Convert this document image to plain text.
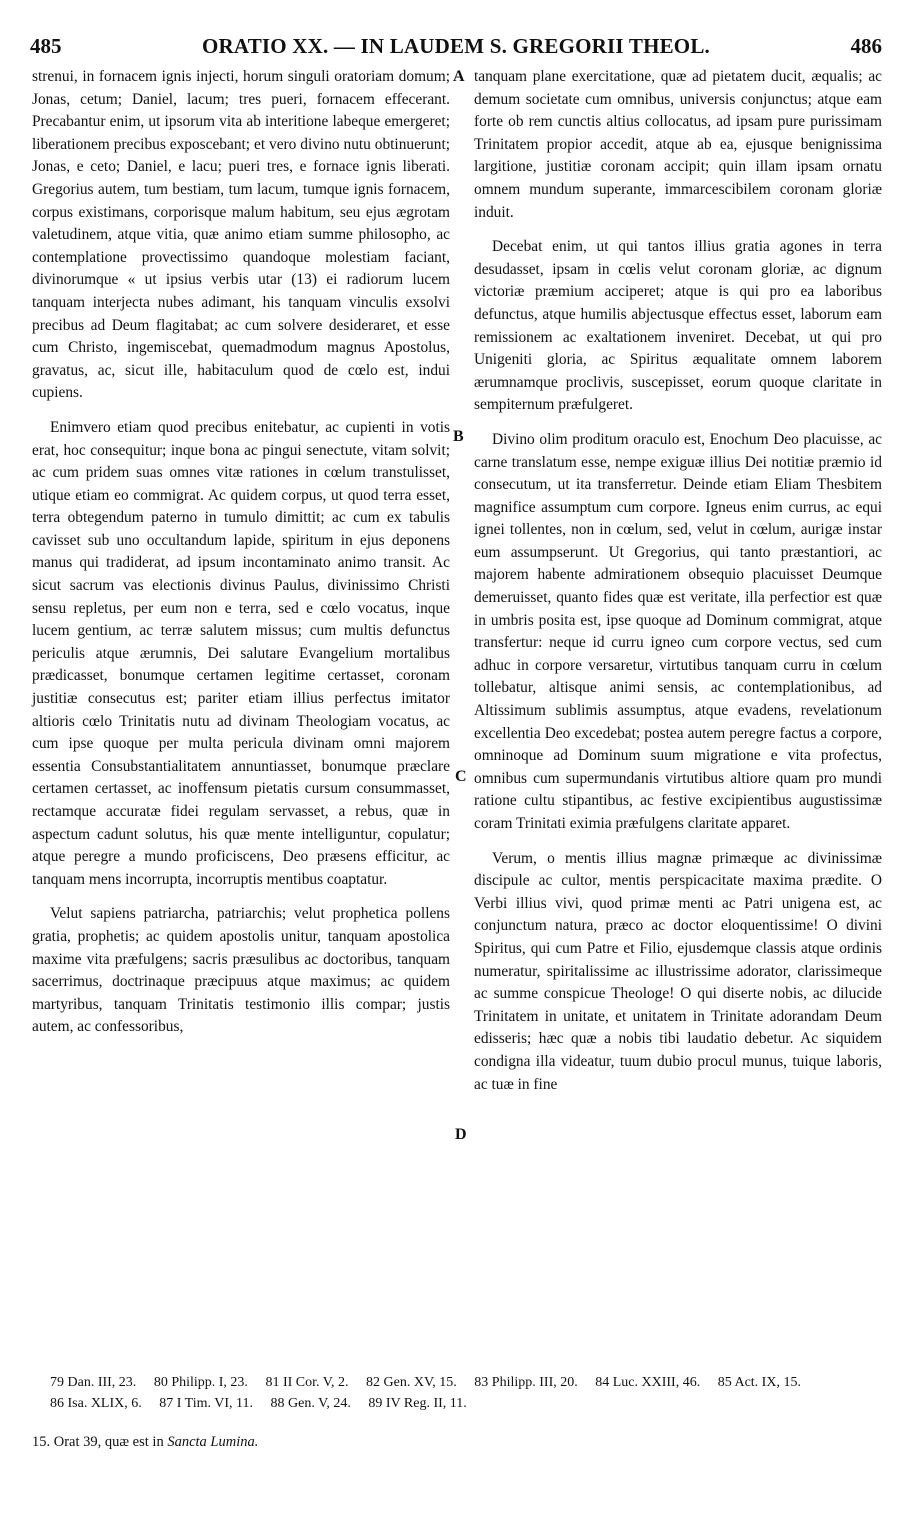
485	ORATIO XX. — IN LAUDEM S. GREGORII THEOL.	486

strenui, in fornacem ignis injecti, horum singuli oratoriam domum; Jonas, cetum; Daniel, lacum; tres pueri, fornacem effecerant. Precabantur enim, ut ipsorum vita ab interitione labeque emergeret; liberationem precibus exposcebant; et vero divino nutu obtinuerunt; Jonas, e ceto; Daniel, e lacu; pueri tres, e fornace ignis liberati. Gregorius autem, tum bestiam, tum lacum, tumque ignis fornacem, corpus existimans, corporisque malum habitum, seu ejus ægrotam valetudinem, atque vitia, quæ animo etiam summe philosopho, ac contemplatione provectissimo quandoque molestiam faciant, divinorumque « ut ipsius verbis utar (13) ei radiorum lucem tanquam interjecta nubes adimant, his tanquam vinculis exsolvi precibus ad Deum flagitabat; ac cum solvere desideraret, et esse cum Christo, ingemiscebat, quemadmodum magnus Apostolus, gravatus, ac, sicut ille, habitaculum quod de cœlo est, indui cupiens.

Enimvero etiam quod precibus enitebatur, ac cupienti in votis erat, hoc consequitur; inque bona ac pingui senectute, vitam solvit; ac cum pridem suas omnes vitæ rationes in cœlum transtulisset, utique etiam eo commigrat. Ac quidem corpus, ut quod terra esset, terra obtegendum paterno in tumulo dimittit; ac cum ex tabulis cavisset sub uno occultandum lapide, spiritum in ejus deponens manus qui tradiderat, ad ipsum incontaminato animo transit. Ac sicut sacrum vas electionis divinus Paulus, divinissimo Christi sensu repletus, per eum non e terra, sed e cœlo vocatus, inque lucem gentium, ac terræ salutem missus; cum multis defunctus periculis atque ærumnis, Dei salutare Evangelium mortalibus prædicasset, bonumque certamen legitime certasset, coronam justitiæ consecutus est; pariter etiam illius perfectus imitator altioris cœlo Trinitatis nutu ad divinam Theologiam vocatus, ac cum ipse quoque per multa pericula divinam omni majorem essentia Consubstantialitatem annuntiasset, bonumque præclare certamen certasset, ac inoffensum pietatis cursum consummasset, rectamque accuratæ fidei regulam servasset, a rebus, quæ in aspectum cadunt solutus, his quæ mente intelliguntur, copulatur; atque peregre a mundo proficiscens, Deo præsens efficitur, ac tanquam mens incorrupta, incorruptis mentibus coaptatur.

Velut sapiens patriarcha, patriarchis; velut prophetica pollens gratia, prophetis; ac quidem apostolis unitur, tanquam apostolica maxime vita præfulgens; sacris præsulibus ac doctoribus, tanquam sacerrimus, doctrinaque præcipuus atque maximus; ac quidem martyribus, tanquam Trinitatis testimonio illis compar; justis autem, ac confessoribus,

tanquam plane exercitatione, quæ ad pietatem ducit, æqualis; ac demum societate cum omnibus, universis conjunctus; atque eam forte ob rem cunctis altius collocatus, ad ipsam pure purissimam Trinitatem propior accedit, atque ab ea, ejusque benignissima largitione, justitiæ coronam accipit; quin illam ipsam ornatu omnem mundum superante, immarcescibilem coronam gloriæ induit.

Decebat enim, ut qui tantos illius gratia agones in terra desudasset, ipsam in cœlis velut coronam gloriæ, ac dignum victoriæ præmium acciperet; atque is qui pro ea laboribus defunctus, atque humilis abjectusque effectus esset, laborum eam remissionem ac exaltationem inveniret. Decebat, ut qui pro Unigeniti gloria, ac Spiritus æqualitate omnem laborem ærumnamque proclivis, suscepisset, eorum quoque claritate in sempiternum præfulgeret.

Divino olim proditum oraculo est, Enochum Deo placuisse, ac carne translatum esse, nempe exiguæ illius Dei notitiæ præmio id consecutum, ut ita transferretur. Deinde etiam Eliam Thesbitem magnifice assumptum cum corpore. Igneus enim currus, ac equi ignei tollentes, non in cœlum, sed, velut in cœlum, aurigæ instar eum assumpserunt. Ut Gregorius, qui tanto præstantiori, ac majorem habente admirationem obsequio placuisset Deumque demeruisset, quanto fides quæ est veritate, illa perfectior est quæ in umbris posita est, ipse quoque ad Dominum commigrat, atque transfertur: neque id curru igneo cum corpore vectus, sed cum adhuc in corpore versaretur, virtutibus tanquam curru in cœlum tollebatur, altisque animi sensis, ac contemplationibus, ad Altissimum sublimis assumptus, atque evadens, revelationum excellentia Deo excedebat; postea autem peregre factus a corpore, omninoque ad Dominum suum migratione e vita profectus, omnibus cum supermundanis virtutibus altiore quam pro mundi ratione cultu stipantibus, ac festive excipientibus augustissimæ coram Trinitati eximia præfulgens claritate apparet.

Verum, o mentis illius magnæ primæque ac divinissimæ discipule ac cultor, mentis perspicacitate maxima prædite. O Verbi illius vivi, quod primæ menti ac Patri unigena est, ac conjunctum natura, præco ac doctor eloquentissime! O divini Spiritus, qui cum Patre et Filio, ejusdemque classis atque ordinis numeratur, spiritalissime ac illustrissime adorator, clarissimeque ac summe conspicue Theologe! O qui diserte nobis, ac dilucide Trinitatem in unitate, et unitatem in Trinitate adorandam Deum edisseris; hæc quæ a nobis tibi laudatio debetur. Ac siquidem condigna illa videatur, tuum dubio procul munus, tuique laboris, ac tuæ in fine

A
B
C
D
79 Dan. III, 23. 80 Philipp. I, 23. 81 II Cor. V, 2. 82 Gen. XV, 15. 83 Philipp. III, 20. 84 Luc. XXIII, 46. 85 Act. IX, 15. 86 Isa. XLIX, 6. 87 I Tim. VI, 11. 88 Gen. V, 24. 89 IV Reg. II, 11.
15. Orat 39, quæ est in Sancta Lumina.
